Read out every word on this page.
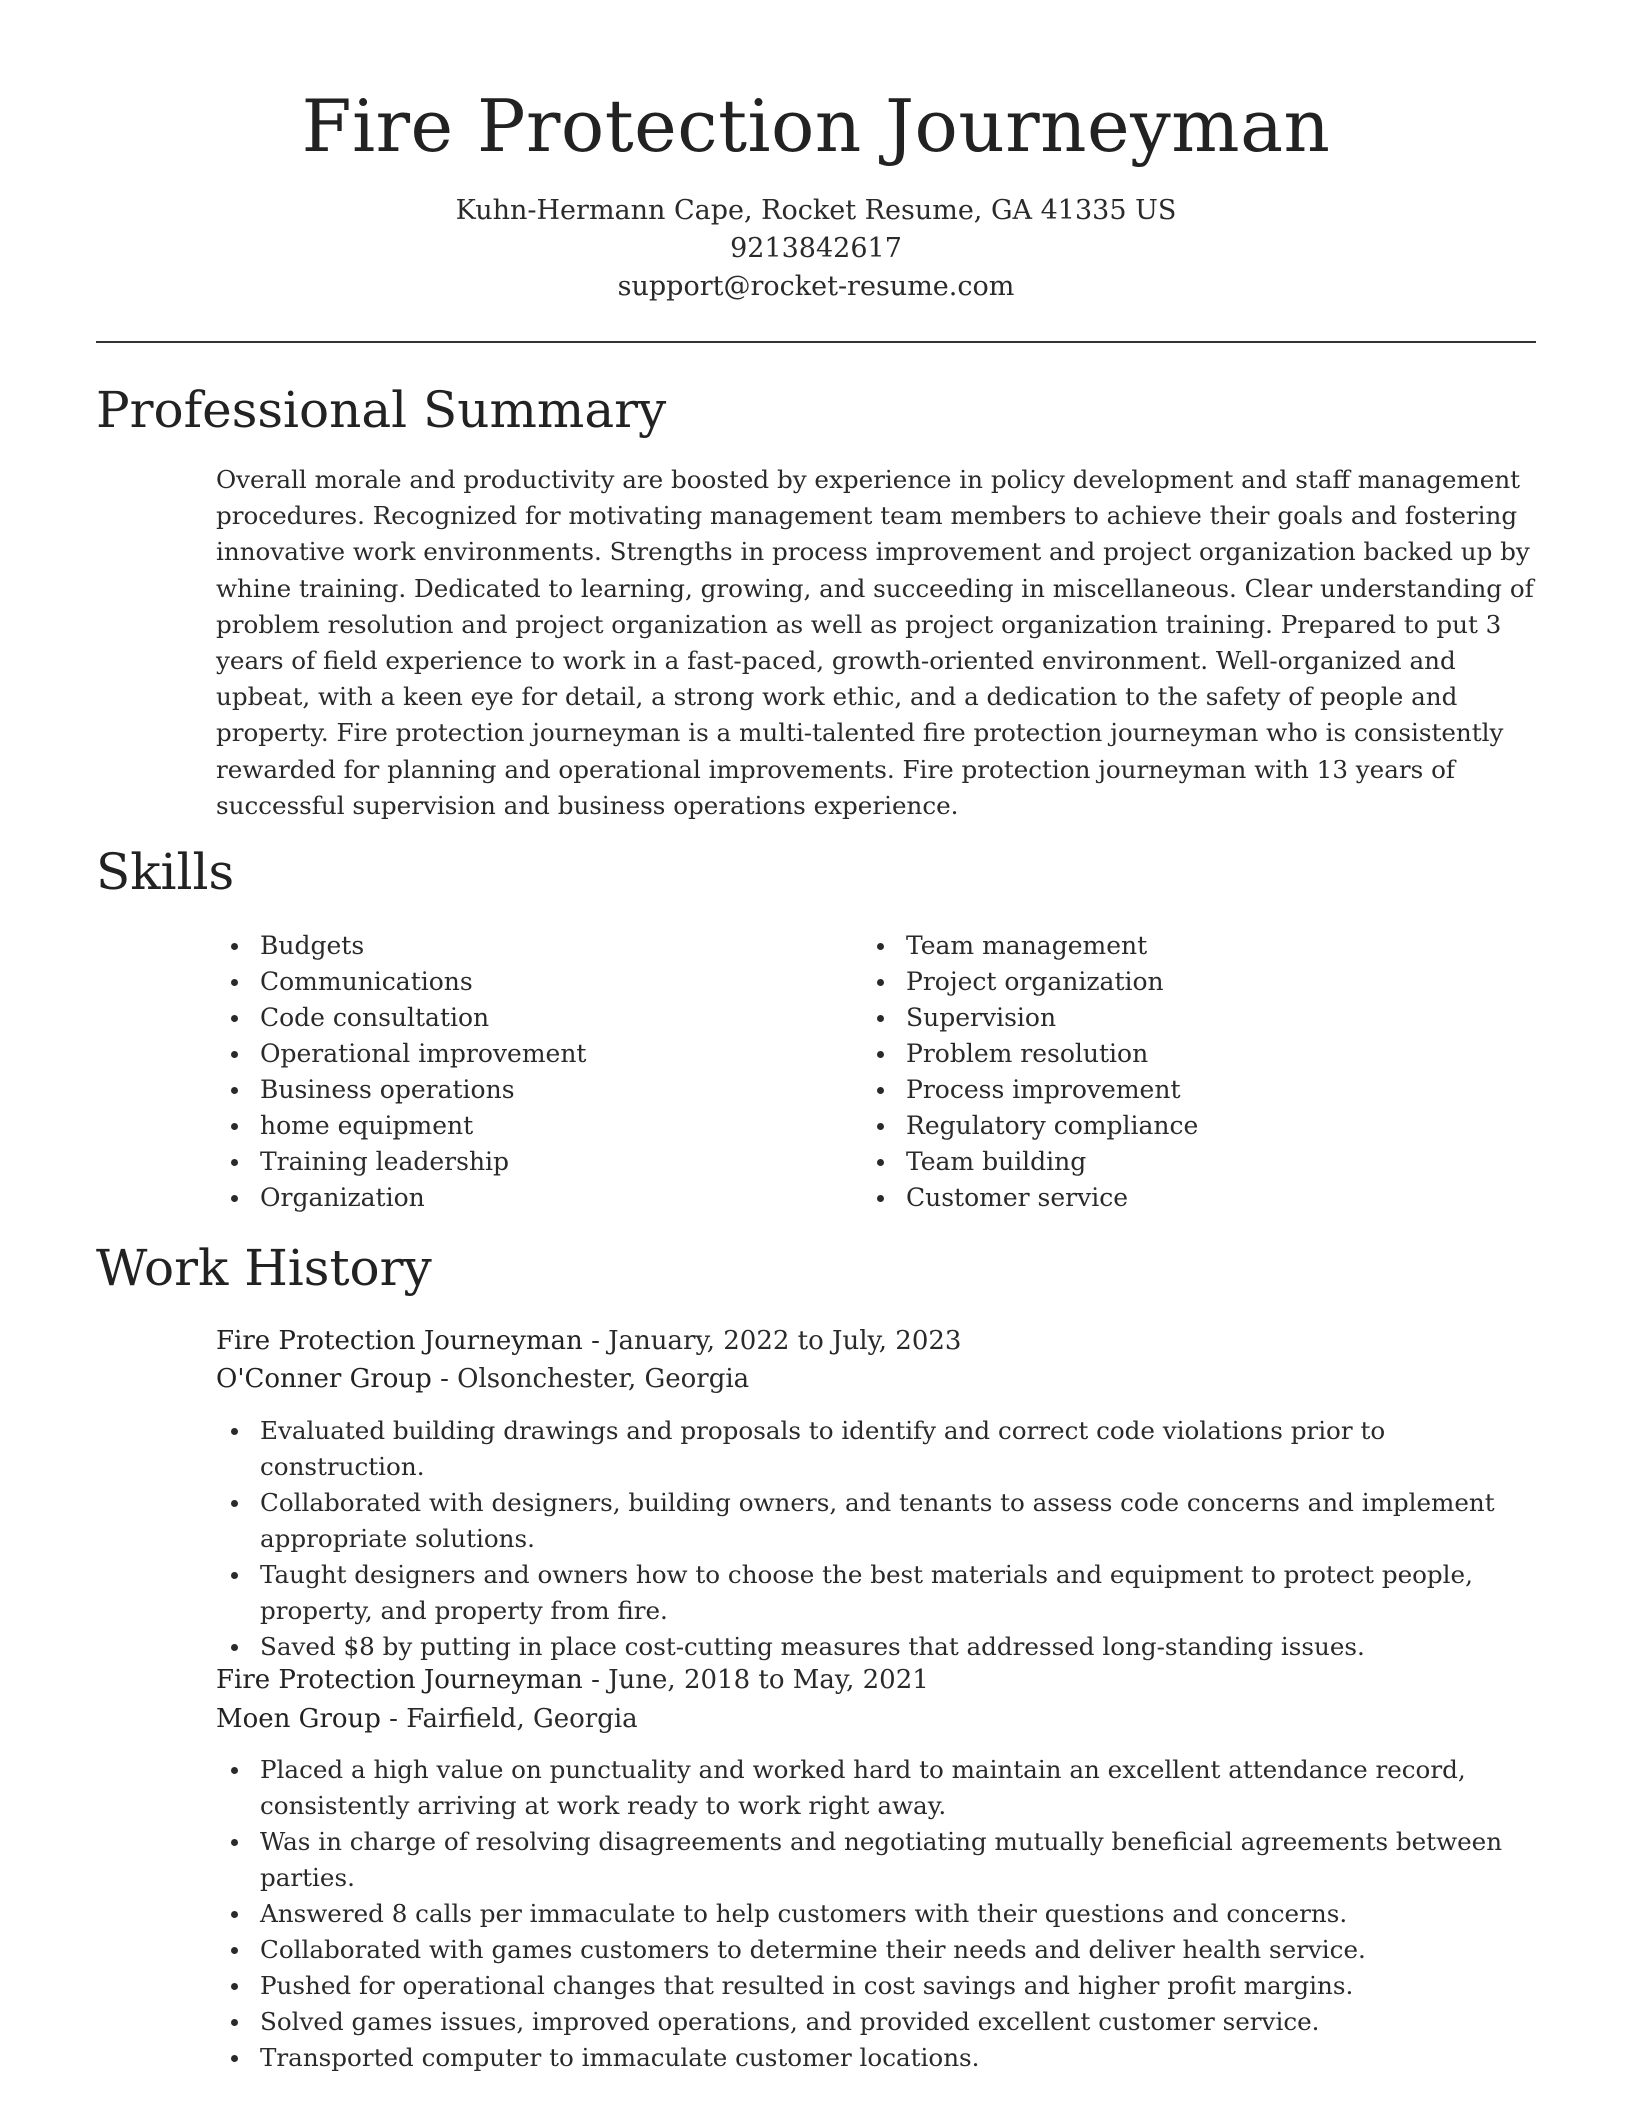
Fire Protection Journeyman
Kuhn-Hermann Cape, Rocket Resume, GA 41335 US
9213842617
support@rocket-resume.com
Professional Summary

Overall morale and productivity are boosted by experience in policy development and staff management procedures. Recognized for motivating management team members to achieve their goals and fostering innovative work environments. Strengths in process improvement and project organization backed up by whine training. Dedicated to learning, growing, and succeeding in miscellaneous. Clear understanding of problem resolution and project organization as well as project organization training. Prepared to put 3 years of field experience to work in a fast-paced, growth-oriented environment. Well-organized and upbeat, with a keen eye for detail, a strong work ethic, and a dedication to the safety of people and property. Fire protection journeyman is a multi-talented fire protection journeyman who is consistently rewarded for planning and operational improvements. Fire protection journeyman with 13 years of successful supervision and business operations experience.

Skills
Budgets
Communications
Code consultation
Operational improvement
Business operations
home equipment
Training leadership
Organization
Team management
Project organization
Supervision
Problem resolution
Process improvement
Regulatory compliance
Team building
Customer service
Work History

Fire Protection Journeyman - January, 2022 to July, 2023

O'Conner Group - Olsonchester, Georgia

Evaluated building drawings and proposals to identify and correct code violations prior to construction.
Collaborated with designers, building owners, and tenants to assess code concerns and implement appropriate solutions.
Taught designers and owners how to choose the best materials and equipment to protect people, property, and property from fire.
Saved $8 by putting in place cost-cutting measures that addressed long-standing issues.

Fire Protection Journeyman - June, 2018 to May, 2021

Moen Group - Fairfield, Georgia

Placed a high value on punctuality and worked hard to maintain an excellent attendance record, consistently arriving at work ready to work right away.
Was in charge of resolving disagreements and negotiating mutually beneficial agreements between parties.
Answered 8 calls per immaculate to help customers with their questions and concerns.
Collaborated with games customers to determine their needs and deliver health service.
Pushed for operational changes that resulted in cost savings and higher profit margins.
Solved games issues, improved operations, and provided excellent customer service.
Transported computer to immaculate customer locations.
